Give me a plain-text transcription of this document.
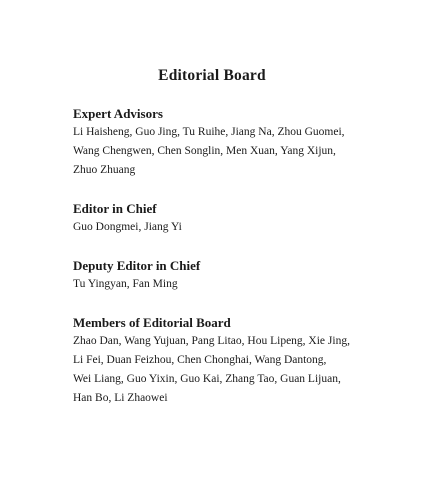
Editorial Board

Expert Advisors

Li Haisheng, Guo Jing, Tu Ruihe, Jiang Na, Zhou Guomei,
Wang Chengwen, Chen Songlin, Men Xuan, Yang Xijun,
Zhuo Zhuang

Editor in Chief

Guo Dongmei, Jiang Yi

Deputy Editor in Chief

Tu Yingyan, Fan Ming

Members of Editorial Board

Zhao Dan, Wang Yujuan, Pang Litao, Hou Lipeng, Xie Jing,
Li Fei, Duan Feizhou, Chen Chonghai, Wang Dantong,
Wei Liang, Guo Yixin, Guo Kai, Zhang Tao, Guan Lijuan,
Han Bo, Li Zhaowei
